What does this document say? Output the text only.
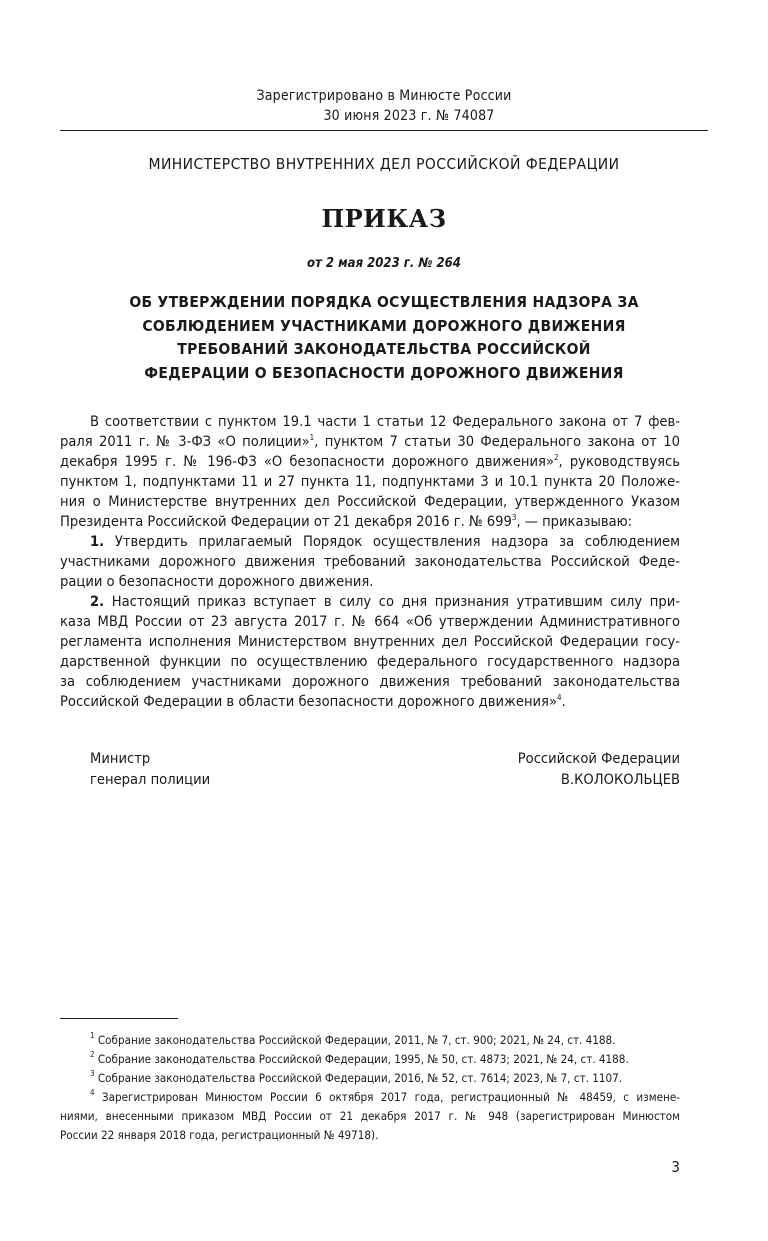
Зарегистрировано в Минюсте России
30 июня 2023 г. № 74087
МИНИСТЕРСТВО ВНУТРЕННИХ ДЕЛ РОССИЙСКОЙ ФЕДЕРАЦИИ
ПРИКАЗ
от 2 мая 2023 г. № 264
ОБ УТВЕРЖДЕНИИ ПОРЯДКА ОСУЩЕСТВЛЕНИЯ НАДЗОРА ЗА
СОБЛЮДЕНИЕМ УЧАСТНИКАМИ ДОРОЖНОГО ДВИЖЕНИЯ
ТРЕБОВАНИЙ ЗАКОНОДАТЕЛЬСТВА РОССИЙСКОЙ
ФЕДЕРАЦИИ О БЕЗОПАСНОСТИ ДОРОЖНОГО ДВИЖЕНИЯ
В соответствии с пунктом 19.1 части 1 статьи 12 Федерального закона от 7 фев-
раля 2011 г. № 3-ФЗ «О полиции»$^1$, пунктом 7 статьи 30 Федерального закона от 10
декабря 1995 г. № 196-ФЗ «О безопасности дорожного движения»$^2$, руководствуясь
пунктом 1, подпунктами 11 и 27 пункта 11, подпунктами 3 и 10.1 пункта 20 Положе-
ния о Министерстве внутренних дел Российской Федерации, утвержденного Указом
Президента Российской Федерации от 21 декабря 2016 г. № $699^3$, — приказываю:
1. Утвердить прилагаемый Порядок осуществления надзора за соблюдением
участниками дорожного движения требований законодательства Российской Феде-
рации о безопасности дорожного движения.
2. Настоящий приказ вступает в силу со дня признания утратившим силу при-
каза МВД России от 23 августа 2017 г. № 664 «Об утверждении Административного
регламента исполнения Министерством внутренних дел Российской Федерации госу-
дарственной функции по осуществлению федерального государственного надзора
за соблюдением участниками дорожного движения требований законодательства
Российской Федерации в области безопасности дорожного движения»$^4$.
Министр
генерал полиции
Российской Федерации
В.КОЛОКОЛЬЦЕВ
$^1$ Собрание законодательства Российской Федерации, 2011, № 7, ст. 900; 2021, № 24, ст. 4188.
$^2$ Собрание законодательства Российской Федерации, 1995, № 50, ст. 4873; 2021, № 24, ст. 4188.
$^3$ Собрание законодательства Российской Федерации, 2016, № 52, ст. 7614; 2023, № 7, ст. 1107.
$^4$ Зарегистрирован Минюстом России 6 октября 2017 года, регистрационный № 48459, с измене-
ниями, внесенными приказом МВД России от 21 декабря 2017 г. № 948 (зарегистрирован Минюстом
России 22 января 2018 года, регистрационный № 49718).
3
